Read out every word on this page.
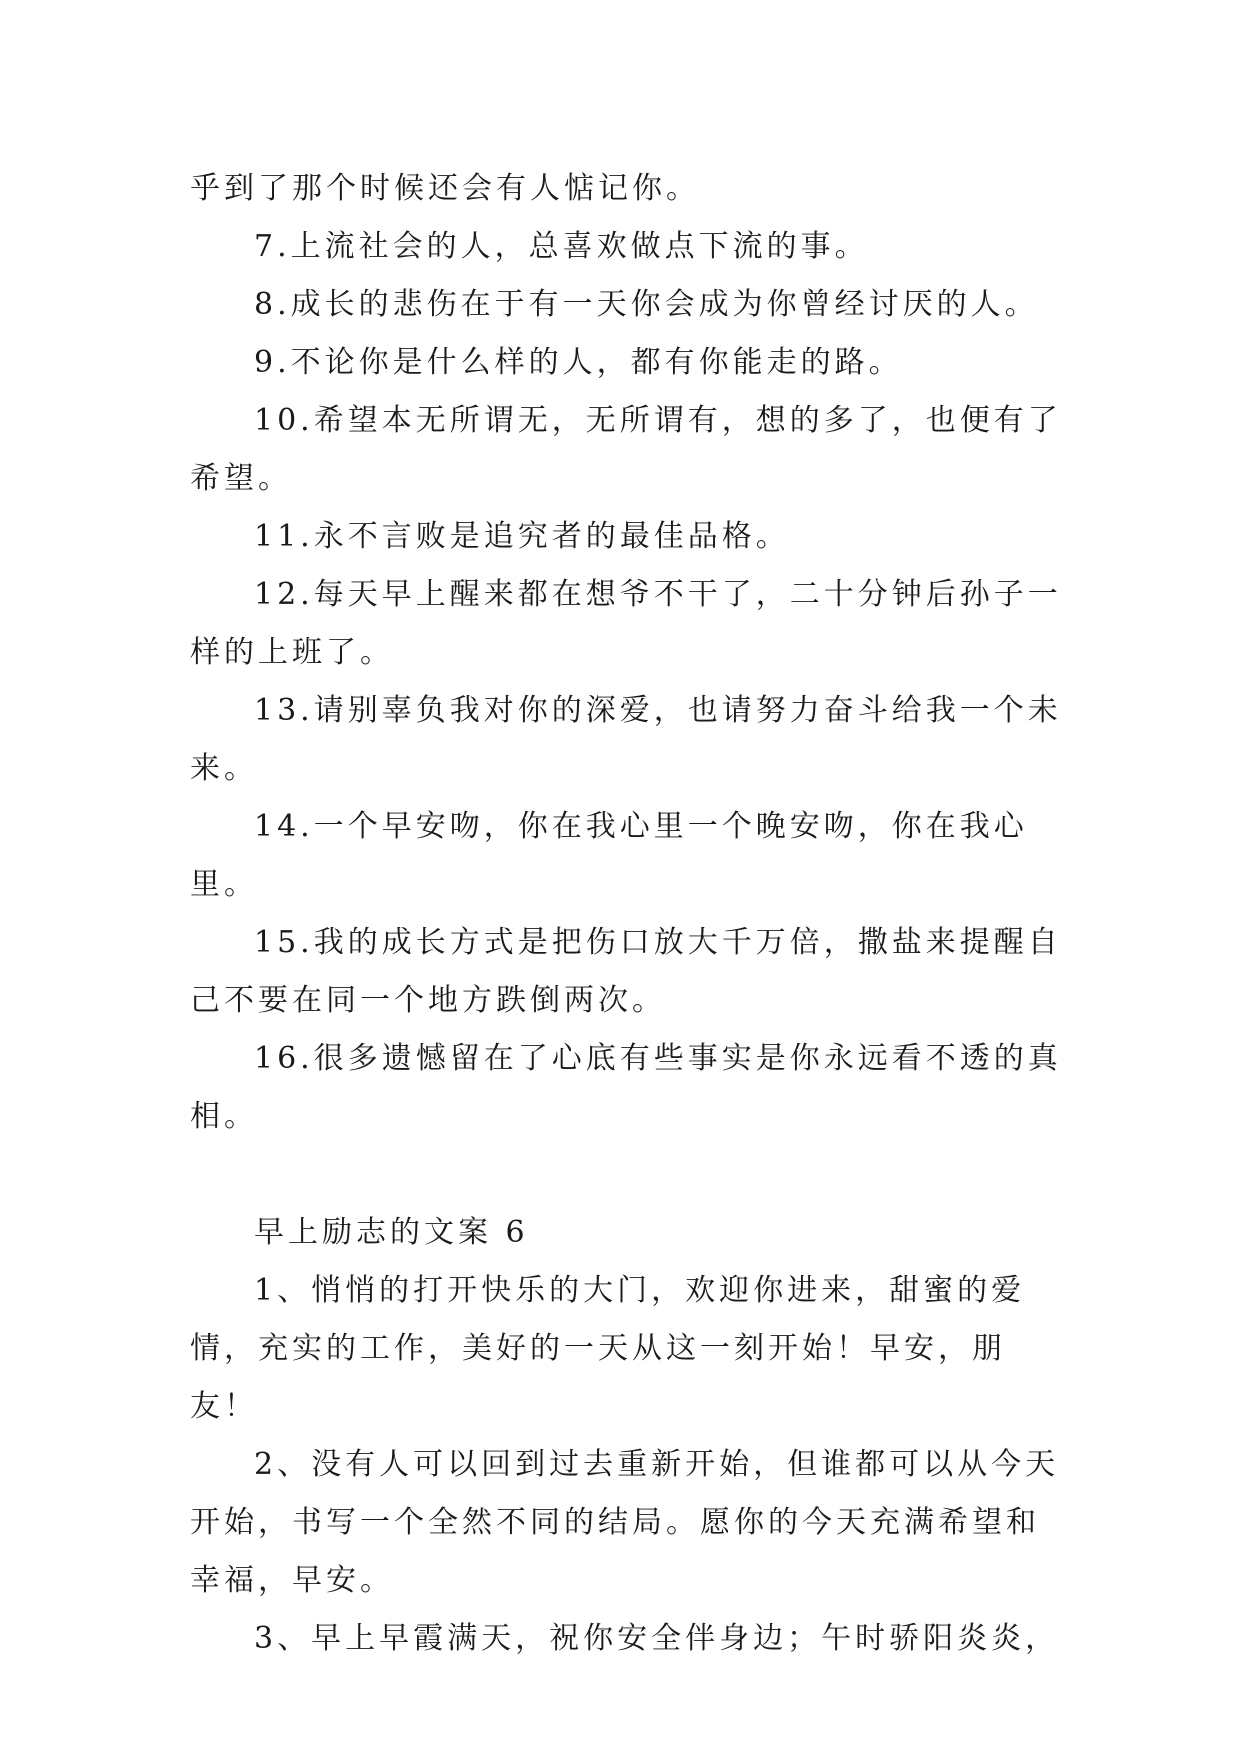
乎到了那个时候还会有人惦记你。

7.上流社会的人，总喜欢做点下流的事。

8.成长的悲伤在于有一天你会成为你曾经讨厌的人。

9.不论你是什么样的人，都有你能走的路。

10.希望本无所谓无，无所谓有，想的多了，也便有了希望。

11.永不言败是追究者的最佳品格。

12.每天早上醒来都在想爷不干了，二十分钟后孙子一样的上班了。

13.请别辜负我对你的深爱，也请努力奋斗给我一个未来。

14.一个早安吻，你在我心里一个晚安吻，你在我心里。

15.我的成长方式是把伤口放大千万倍，撒盐来提醒自己不要在同一个地方跌倒两次。

16.很多遗憾留在了心底有些事实是你永远看不透的真相。

早上励志的文案 6

1、悄悄的打开快乐的大门，欢迎你进来，甜蜜的爱情，充实的工作，美好的一天从这一刻开始！早安，朋友！

2、没有人可以回到过去重新开始，但谁都可以从今天开始，书写一个全然不同的结局。愿你的今天充满希望和幸福，早安。

3、早上早霞满天，祝你安全伴身边；午时骄阳炎炎，
